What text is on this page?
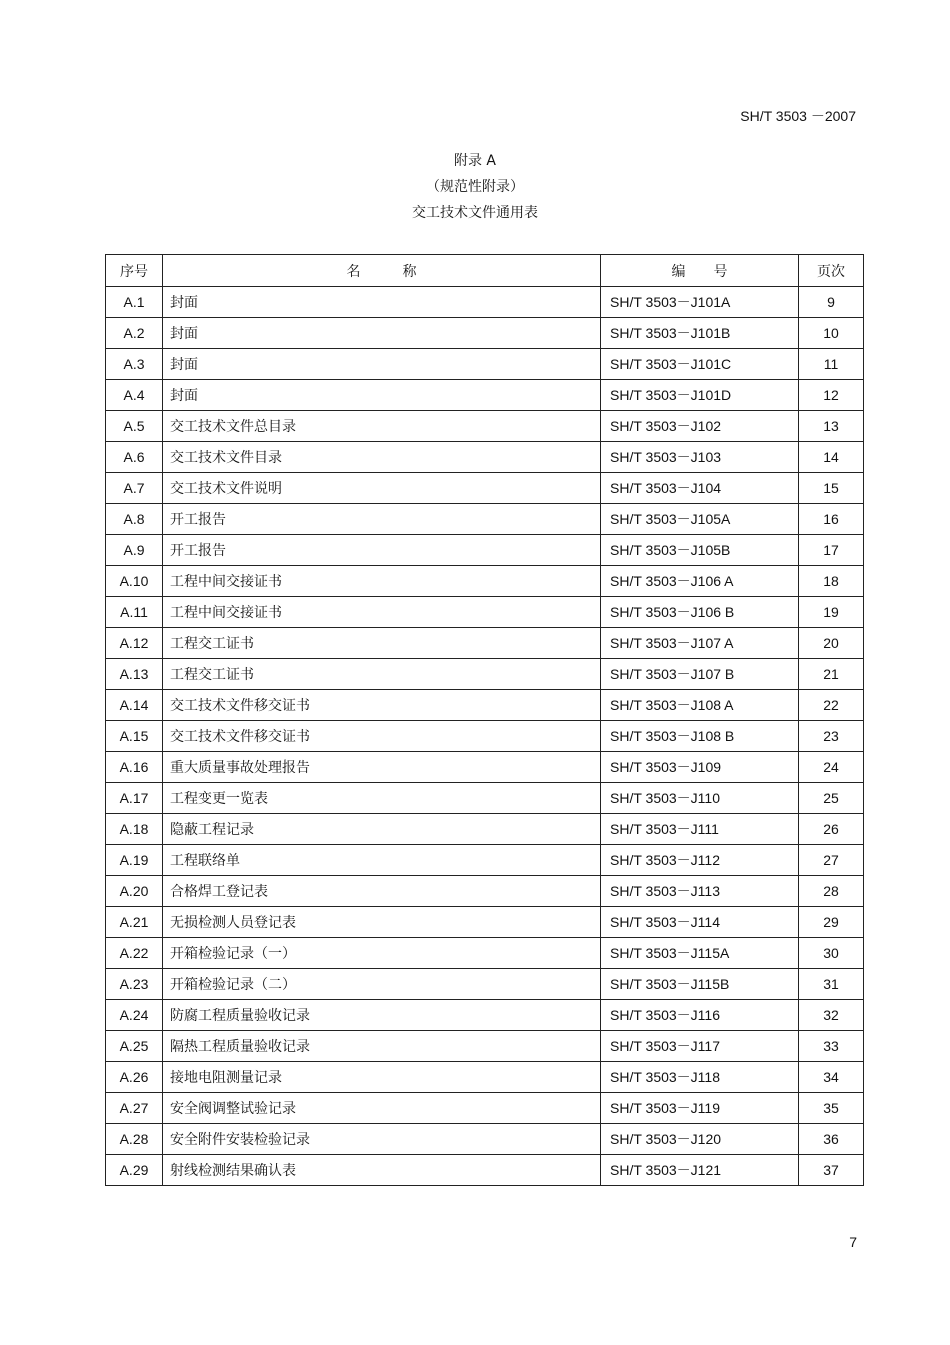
SH/T 3503 －2007
附录 A
（规范性附录）
交工技术文件通用表
序号	名　　　称	编　　号	页次
A.1	封面	SH/T 3503－J101A	9
A.2	封面	SH/T 3503－J101B	10
A.3	封面	SH/T 3503－J101C	11
A.4	封面	SH/T 3503－J101D	12
A.5	交工技术文件总目录	SH/T 3503－J102	13
A.6	交工技术文件目录	SH/T 3503－J103	14
A.7	交工技术文件说明	SH/T 3503－J104	15
A.8	开工报告	SH/T 3503－J105A	16
A.9	开工报告	SH/T 3503－J105B	17
A.10	工程中间交接证书	SH/T 3503－J106 A	18
A.11	工程中间交接证书	SH/T 3503－J106 B	19
A.12	工程交工证书	SH/T 3503－J107 A	20
A.13	工程交工证书	SH/T 3503－J107 B	21
A.14	交工技术文件移交证书	SH/T 3503－J108 A	22
A.15	交工技术文件移交证书	SH/T 3503－J108 B	23
A.16	重大质量事故处理报告	SH/T 3503－J109	24
A.17	工程变更一览表	SH/T 3503－J110	25
A.18	隐蔽工程记录	SH/T 3503－J111	26
A.19	工程联络单	SH/T 3503－J112	27
A.20	合格焊工登记表	SH/T 3503－J113	28
A.21	无损检测人员登记表	SH/T 3503－J114	29
A.22	开箱检验记录（一）	SH/T 3503－J115A	30
A.23	开箱检验记录（二）	SH/T 3503－J115B	31
A.24	防腐工程质量验收记录	SH/T 3503－J116	32
A.25	隔热工程质量验收记录	SH/T 3503－J117	33
A.26	接地电阻测量记录	SH/T 3503－J118	34
A.27	安全阀调整试验记录	SH/T 3503－J119	35
A.28	安全附件安装检验记录	SH/T 3503－J120	36
A.29	射线检测结果确认表	SH/T 3503－J121	37
7
